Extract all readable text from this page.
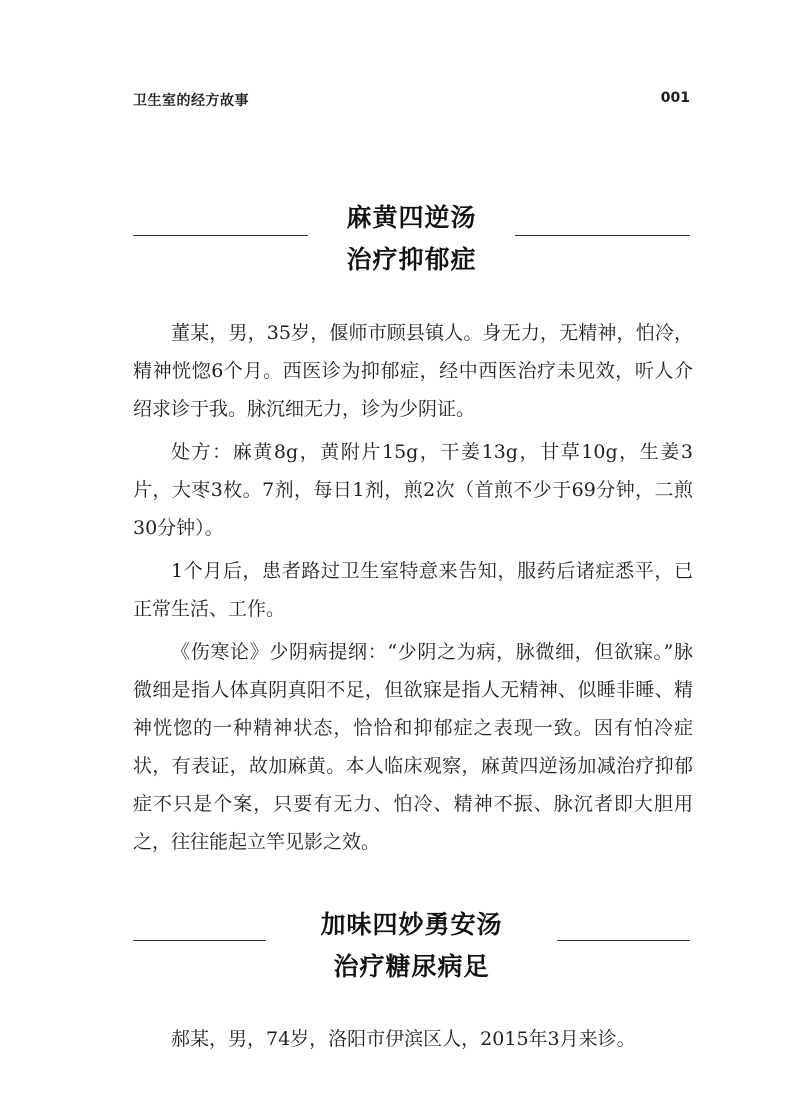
卫生室的经方故事	001
麻黄四逆汤
治疗抑郁症

董某，男，35岁，偃师市顾县镇人。身无力，无精神，怕冷，精神恍惚6个月。西医诊为抑郁症，经中西医治疗未见效，听人介绍求诊于我。脉沉细无力，诊为少阴证。

处方：麻黄8g，黄附片15g，干姜13g，甘草10g，生姜3片，大枣3枚。7剂，每日1剂，煎2次（首煎不少于69分钟，二煎30分钟）。

1个月后，患者路过卫生室特意来告知，服药后诸症悉平，已正常生活、工作。

《伤寒论》少阴病提纲：“少阴之为病，脉微细，但欲寐。”脉微细是指人体真阴真阳不足，但欲寐是指人无精神、似睡非睡、精神恍惚的一种精神状态，恰恰和抑郁症之表现一致。因有怕冷症状，有表证，故加麻黄。本人临床观察，麻黄四逆汤加减治疗抑郁症不只是个案，只要有无力、怕冷、精神不振、脉沉者即大胆用之，往往能起立竿见影之效。

加味四妙勇安汤
治疗糖尿病足

郝某，男，74岁，洛阳市伊滨区人，2015年3月来诊。
